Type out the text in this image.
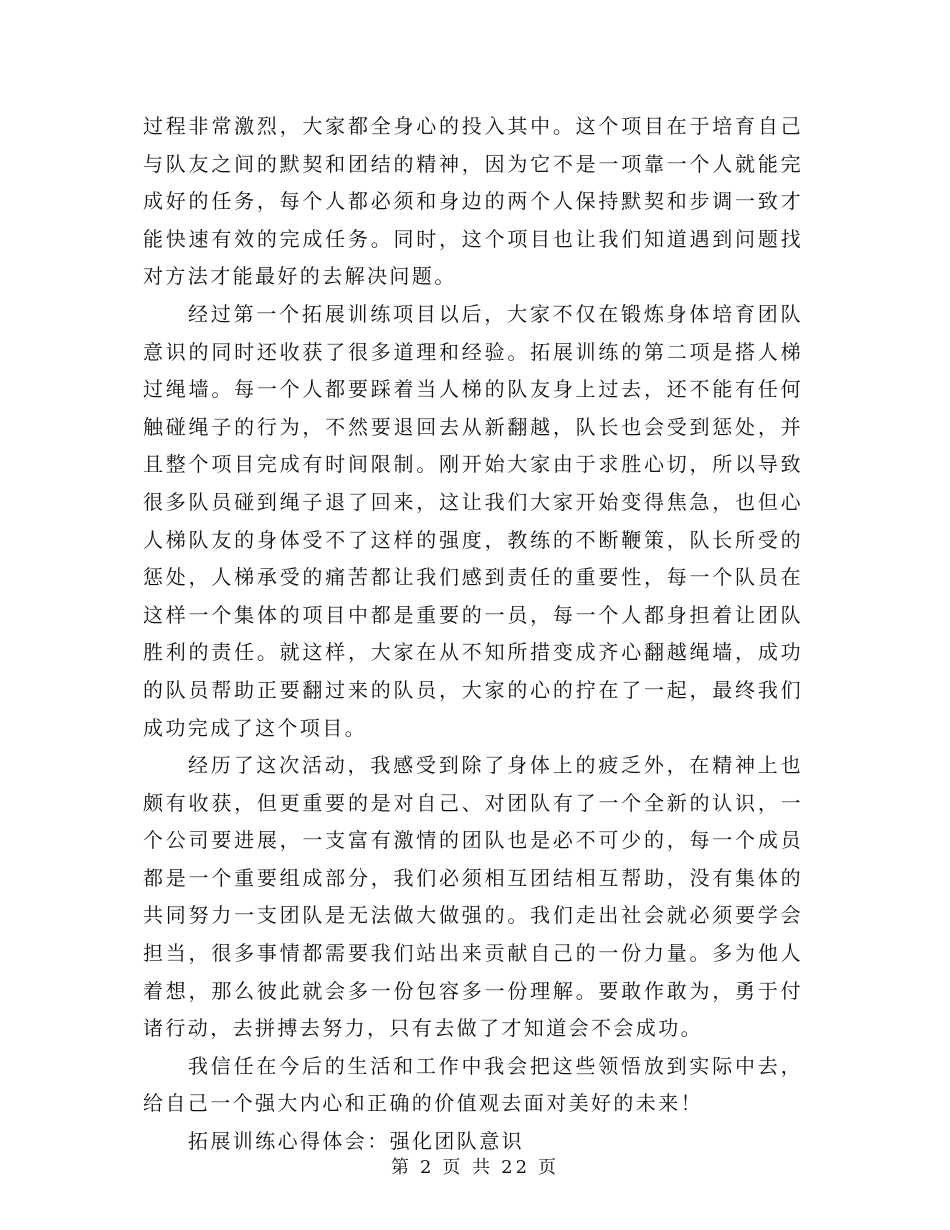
过程非常激烈，大家都全身心的投入其中。这个项目在于培育自己与队友之间的默契和团结的精神，因为它不是一项靠一个人就能完成好的任务，每个人都必须和身边的两个人保持默契和步调一致才能快速有效的完成任务。同时，这个项目也让我们知道遇到问题找对方法才能最好的去解决问题。

经过第一个拓展训练项目以后，大家不仅在锻炼身体培育团队意识的同时还收获了很多道理和经验。拓展训练的第二项是搭人梯过绳墙。每一个人都要踩着当人梯的队友身上过去，还不能有任何触碰绳子的行为，不然要退回去从新翻越，队长也会受到惩处，并且整个项目完成有时间限制。刚开始大家由于求胜心切，所以导致很多队员碰到绳子退了回来，这让我们大家开始变得焦急，也但心人梯队友的身体受不了这样的强度，教练的不断鞭策，队长所受的惩处，人梯承受的痛苦都让我们感到责任的重要性，每一个队员在这样一个集体的项目中都是重要的一员，每一个人都身担着让团队胜利的责任。就这样，大家在从不知所措变成齐心翻越绳墙，成功的队员帮助正要翻过来的队员，大家的心的拧在了一起，最终我们成功完成了这个项目。

经历了这次活动，我感受到除了身体上的疲乏外，在精神上也颇有收获，但更重要的是对自己、对团队有了一个全新的认识，一个公司要进展，一支富有激情的团队也是必不可少的，每一个成员都是一个重要组成部分，我们必须相互团结相互帮助，没有集体的共同努力一支团队是无法做大做强的。我们走出社会就必须要学会担当，很多事情都需要我们站出来贡献自己的一份力量。多为他人着想，那么彼此就会多一份包容多一份理解。要敢作敢为，勇于付诸行动，去拼搏去努力，只有去做了才知道会不会成功。

我信任在今后的生活和工作中我会把这些领悟放到实际中去，给自己一个强大内心和正确的价值观去面对美好的未来！

拓展训练心得体会：强化团队意识

第 2 页 共 22 页
